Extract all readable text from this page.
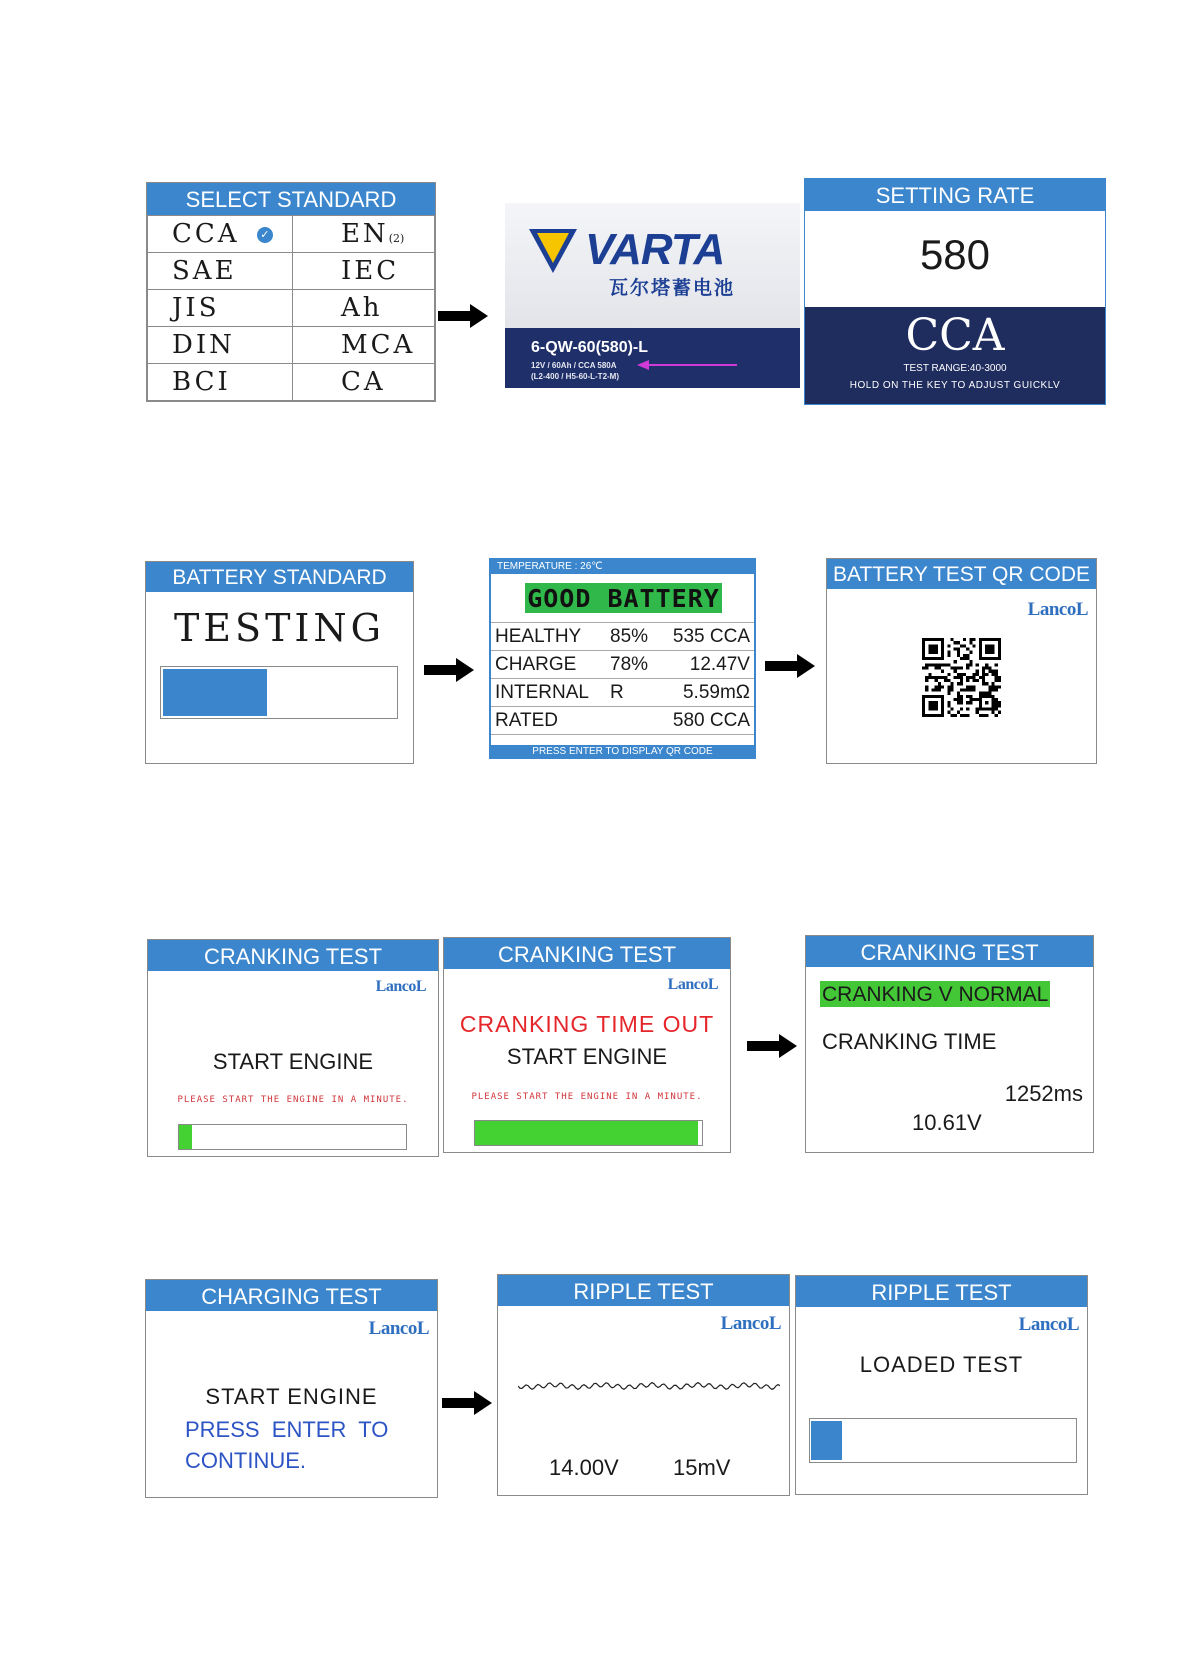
SELECT STANDARD
CCA ✓	EN(2)
SAE	IEC
JIS	Ah
DIN	MCA
BCI	CA
VARTA
瓦尔塔蓄电池
6-QW-60(580)-L
12V / 60Ah / CCA 580A
(L2-400 / H5-60-L-T2-M)
SETTING RATE
580
CCA
TEST RANGE:40-3000
HOLD ON THE KEY TO ADJUST GUICKLV
BATTERY STANDARD
TESTING
TEMPERATURE : 26℃
GOOD BATTERY
HEALTHY	85%	535 CCA
CHARGE	78%	12.47V
INTERNAL	R	5.59mΩ
RATED		580 CCA
PRESS ENTER TO DISPLAY QR CODE
BATTERY TEST QR CODE
LancoL
CRANKING TEST
LancoL
START ENGINE
PLEASE START THE ENGINE IN A MINUTE.
CRANKING TEST
LancoL
CRANKING TIME OUT
START ENGINE
PLEASE START THE ENGINE IN A MINUTE.
CRANKING TEST
CRANKING V NORMAL
CRANKING TIME
1252ms
10.61V
CHARGING TEST
LancoL
START ENGINE
PRESS  ENTER  TO
CONTINUE.
RIPPLE TEST
LancoL
14.00V 15mV
RIPPLE TEST
LancoL
LOADED TEST
